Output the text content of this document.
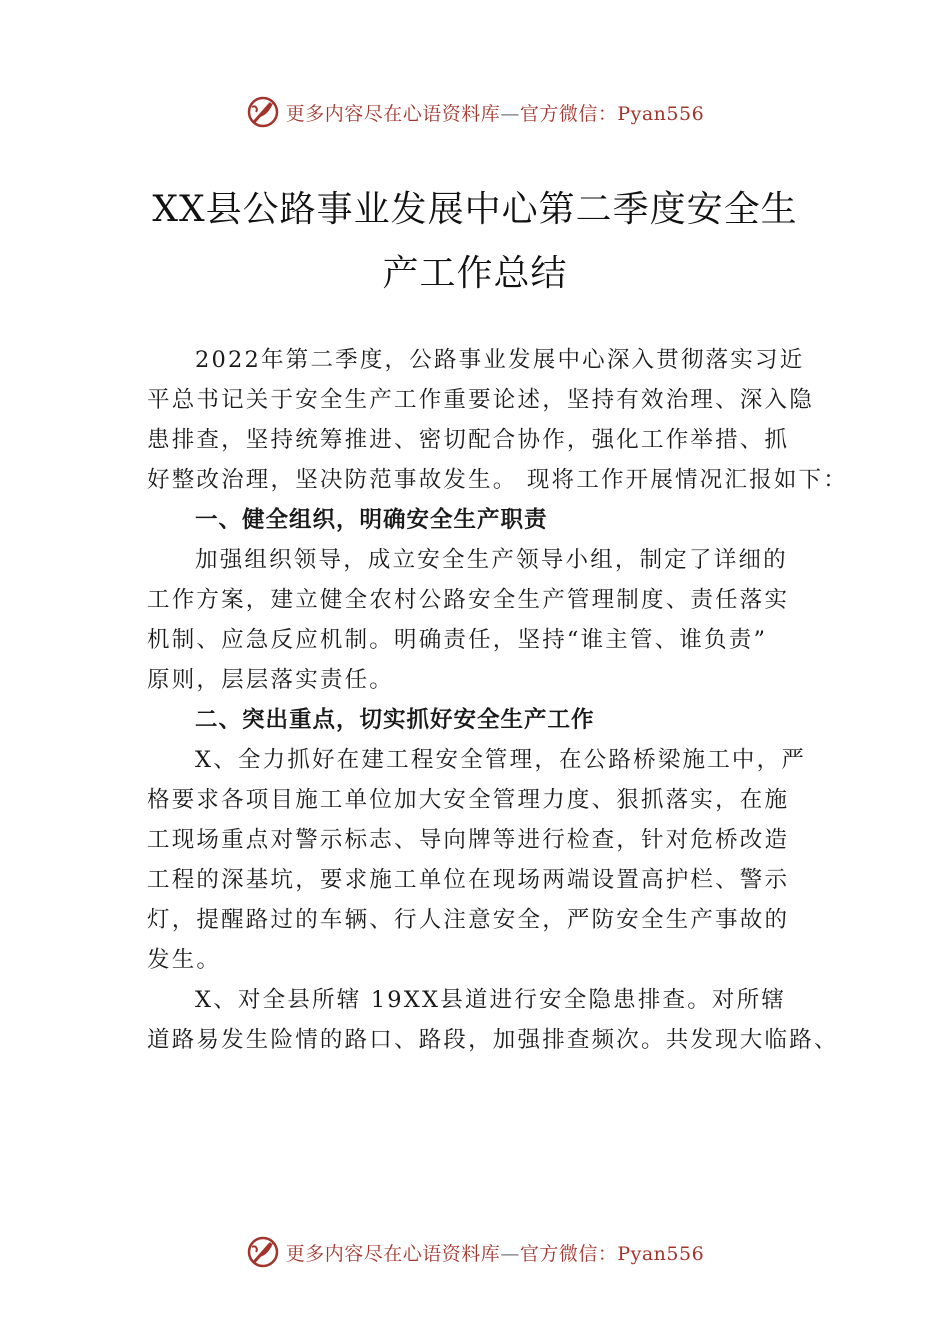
更多内容尽在心语资料库—官方微信：Pyan556
XX县公路事业发展中心第二季度安全生
产工作总结
2022年第二季度，公路事业发展中心深入贯彻落实习近
平总书记关于安全生产工作重要论述，坚持有效治理、深入隐
患排查，坚持统筹推进、密切配合协作，强化工作举措、抓
好整改治理，坚决防范事故发生。 现将工作开展情况汇报如下：
一、健全组织，明确安全生产职责
加强组织领导，成立安全生产领导小组，制定了详细的
工作方案，建立健全农村公路安全生产管理制度、责任落实
机制、应急反应机制。明确责任，坚持“谁主管、谁负责”
原则，层层落实责任。
二、突出重点，切实抓好安全生产工作
X、全力抓好在建工程安全管理，在公路桥梁施工中，严
格要求各项目施工单位加大安全管理力度、狠抓落实，在施
工现场重点对警示标志、导向牌等进行检查，针对危桥改造
工程的深基坑，要求施工单位在现场两端设置高护栏、警示
灯，提醒路过的车辆、行人注意安全，严防安全生产事故的
发生。
X、对全县所辖 19XX县道进行安全隐患排查。对所辖
道路易发生险情的路口、路段，加强排查频次。共发现大临路、
更多内容尽在心语资料库—官方微信：Pyan556
